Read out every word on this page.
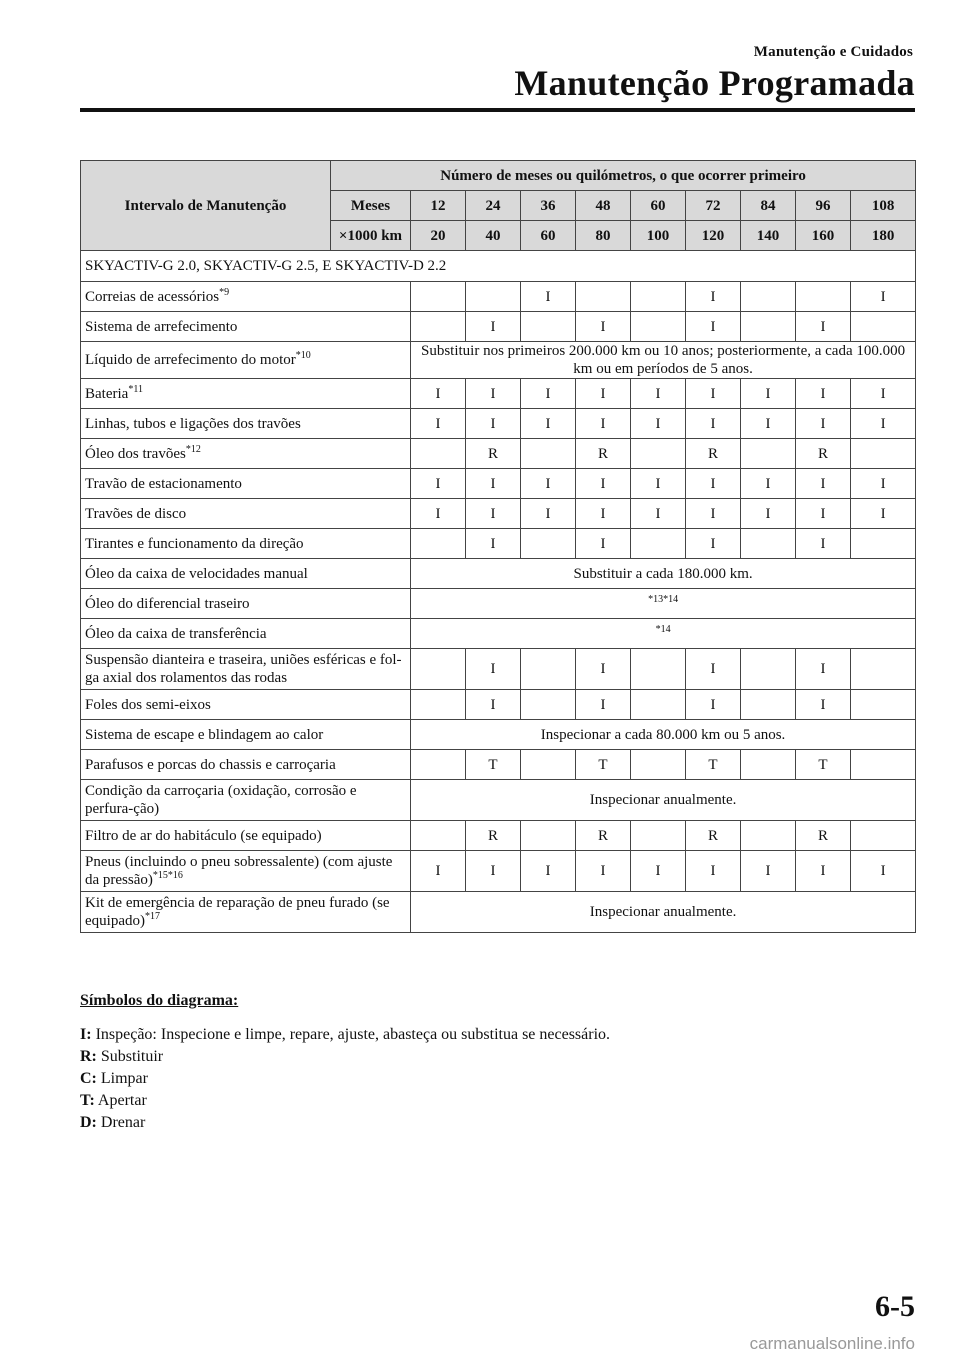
Manutenção e Cuidados
Manutenção Programada
Intervalo de Manutenção	Número de meses ou quilómetros, o que ocorrer primeiro									
	Meses	12	24	36	48	60	72	84	96	108
	×1000 km	20	40	60	80	100	120	140	160	180
SKYACTIV-G 2.0, SKYACTIV-G 2.5, E SKYACTIV-D 2.2										
Correias de acessórios$^{*9}$				I			I			I
Sistema de arrefecimento			I		I		I		I	
Líquido de arrefecimento do motor$^{*10}$		Substituir nos primeiros 200.000 km ou 10 anos; posteriormente, a cada 100.000 km ou em períodos de 5 anos.								
Bateria$^{*11}$		I	I	I	I	I	I	I	I	I
Linhas, tubos e ligações dos travões		I	I	I	I	I	I	I	I	I
Óleo dos travões$^{*12}$			R		R		R		R	
Travão de estacionamento		I	I	I	I	I	I	I	I	I
Travões de disco		I	I	I	I	I	I	I	I	I
Tirantes e funcionamento da direção			I		I		I		I	
Óleo da caixa de velocidades manual		Substituir a cada 180.000 km.								
Óleo do diferencial traseiro		$^{*13*14}$
Óleo da caixa de transferência		$^{*14}$
Suspensão dianteira e traseira, uniões esféricas e fol-ga axial dos rolamentos das rodas			I		I		I		I	
Foles dos semi-eixos			I		I		I		I	
Sistema de escape e blindagem ao calor		Inspecionar a cada 80.000 km ou 5 anos.								
Parafusos e porcas do chassis e carroçaria			T		T		T		T	
Condição da carroçaria (oxidação, corrosão e perfura-ção)		Inspecionar anualmente.								
Filtro de ar do habitáculo (se equipado)			R		R		R		R	
Pneus (incluindo o pneu sobressalente) (com ajuste da pressão)$^{*15*16}$		I	I	I	I	I	I	I	I	I
Kit de emergência de reparação de pneu furado (se equipado)$^{*17}$		Inspecionar anualmente.								
Símbolos do diagrama:
I: Inspeção: Inspecione e limpe, repare, ajuste, abasteça ou substitua se necessário.
R: Substituir
C: Limpar
T: Apertar
D: Drenar
6-5
carmanualsonline.info
